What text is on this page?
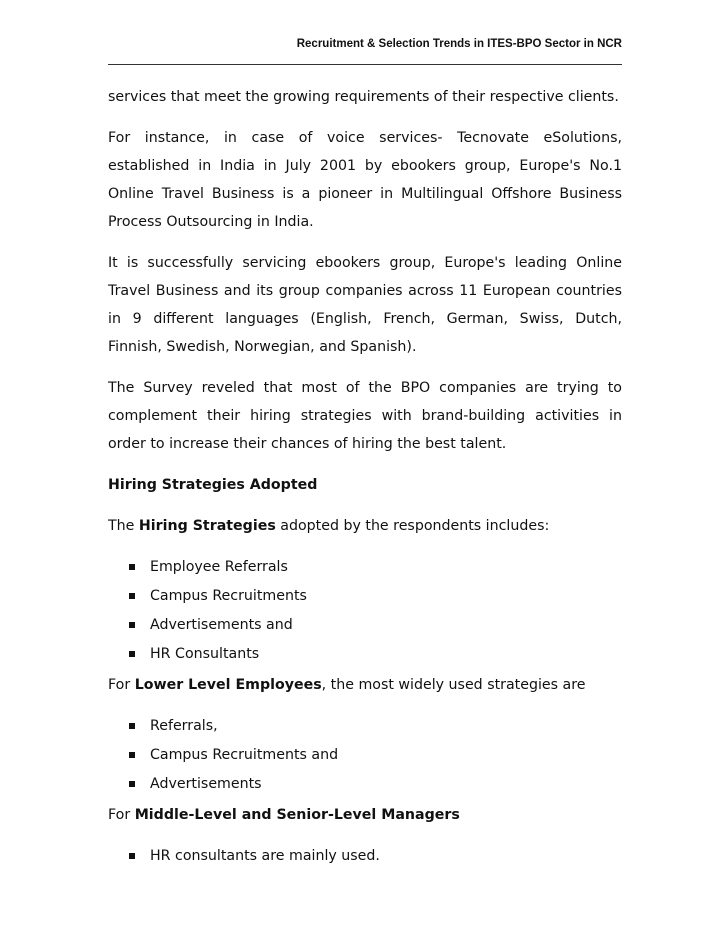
Recruitment & Selection Trends in ITES-BPO Sector in NCR

services that meet the growing requirements of their respective clients.

For instance, in case of voice services- Tecnovate eSolutions, established in India in July 2001 by ebookers group, Europe's No.1 Online Travel Business is a pioneer in Multilingual Offshore Business Process Outsourcing in India.

It is successfully servicing ebookers group, Europe's leading Online Travel Business and its group companies across 11 European countries in 9 different languages (English, French, German, Swiss, Dutch, Finnish, Swedish, Norwegian, and Spanish).

The Survey reveled that most of the BPO companies are trying to complement their hiring strategies with brand-building activities in order to increase their chances of hiring the best talent.

Hiring Strategies Adopted

The Hiring Strategies adopted by the respondents includes:

Employee Referrals
Campus Recruitments
Advertisements and
HR Consultants

For Lower Level Employees, the most widely used strategies are

Referrals,
Campus Recruitments and
Advertisements

For Middle-Level and Senior-Level Managers

HR consultants are mainly used.
